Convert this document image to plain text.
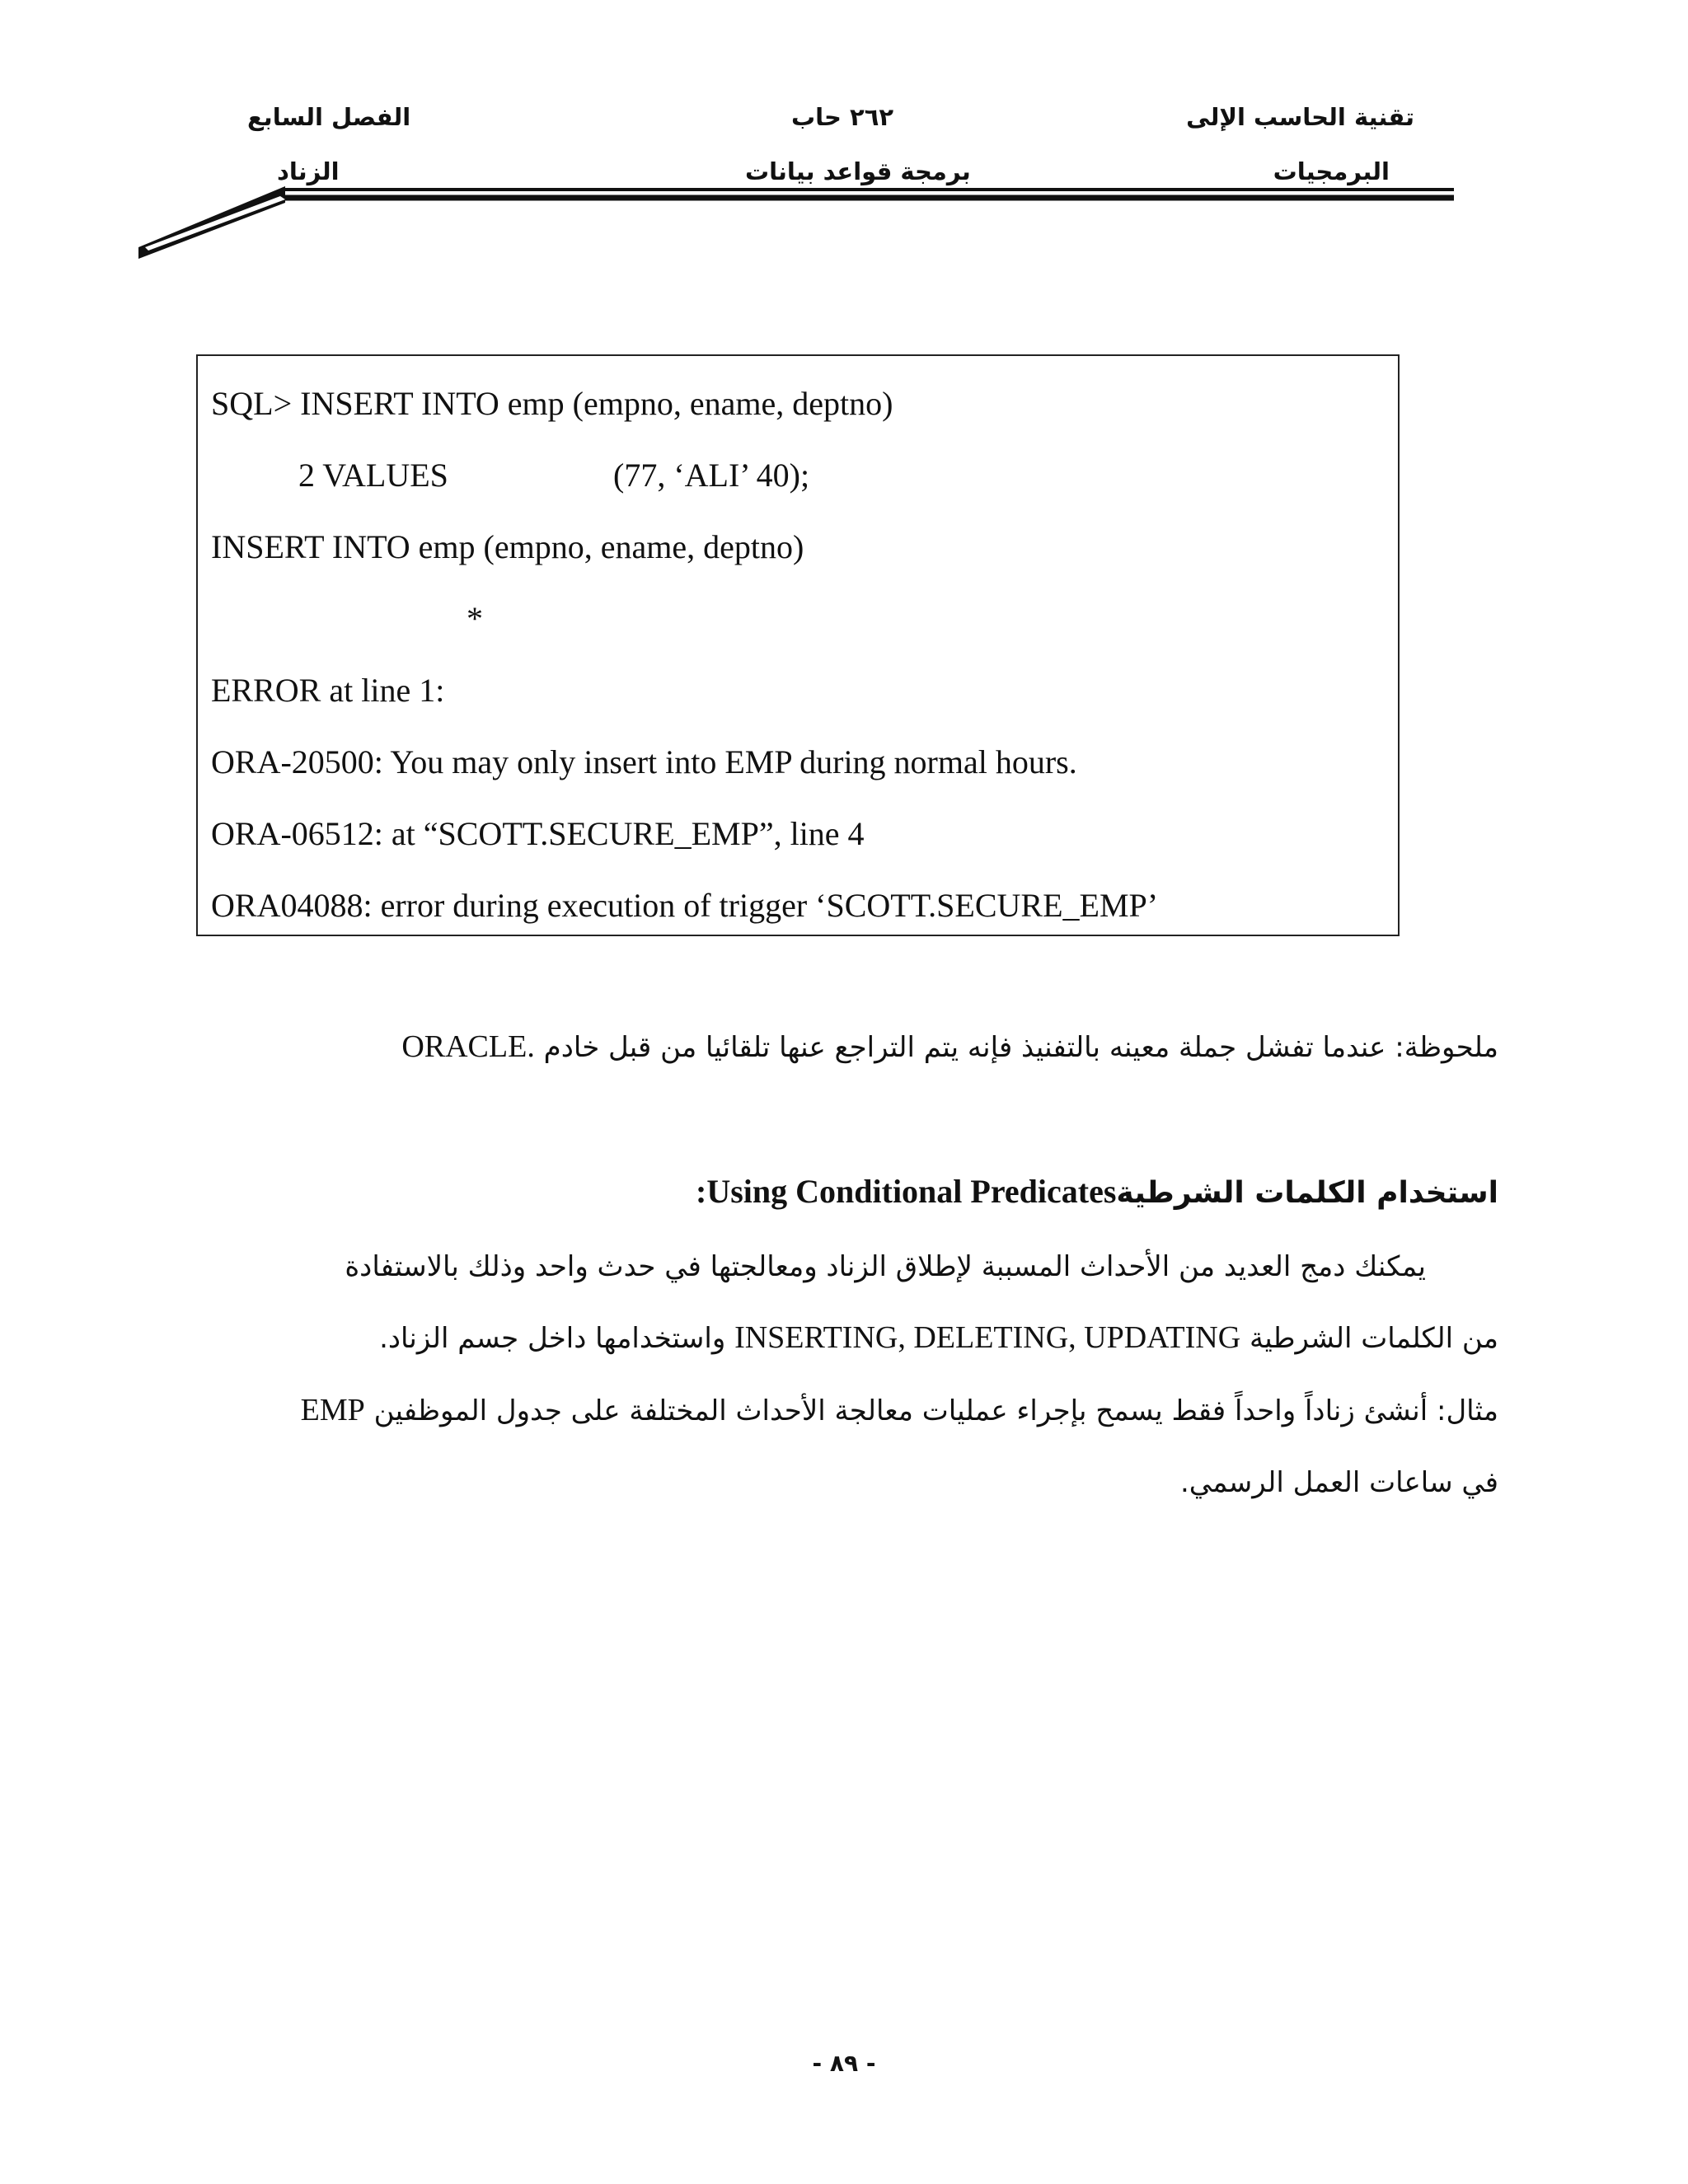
تقنية الحاسب الإلى
البرمجيات
٢٦٢ حاب
برمجة قواعد بيانات
الفصل السابع
الزناد
SQL> INSERT INTO emp (empno, ename, deptno)
2 VALUES	(77, ‘ALI’ 40);
INSERT INTO emp (empno, ename, deptno)
*
ERROR at line 1:
ORA-20500: You may only insert into EMP during normal hours.
ORA-06512: at “SCOTT.SECURE_EMP”, line 4
ORA04088: error during execution of trigger ‘SCOTT.SECURE_EMP’
ملحوظة: عندما تفشل جملة معينه بالتفنيذ فإنه يتم التراجع عنها تلقائيا من قبل خادم ORACLE.
استخدام الكلمات الشرطيةUsing Conditional Predicates :
يمكنك دمج العديد من الأحداث المسببة لإطلاق الزناد ومعالجتها في حدث واحد وذلك بالاستفادة
من الكلمات الشرطية INSERTING, DELETING, UPDATING واستخدامها داخل جسم الزناد.
مثال: أنشئ زناداً واحداً فقط يسمح بإجراء عمليات معالجة الأحداث المختلفة على جدول الموظفين EMP
في ساعات العمل الرسمي.
- ٨٩ -
